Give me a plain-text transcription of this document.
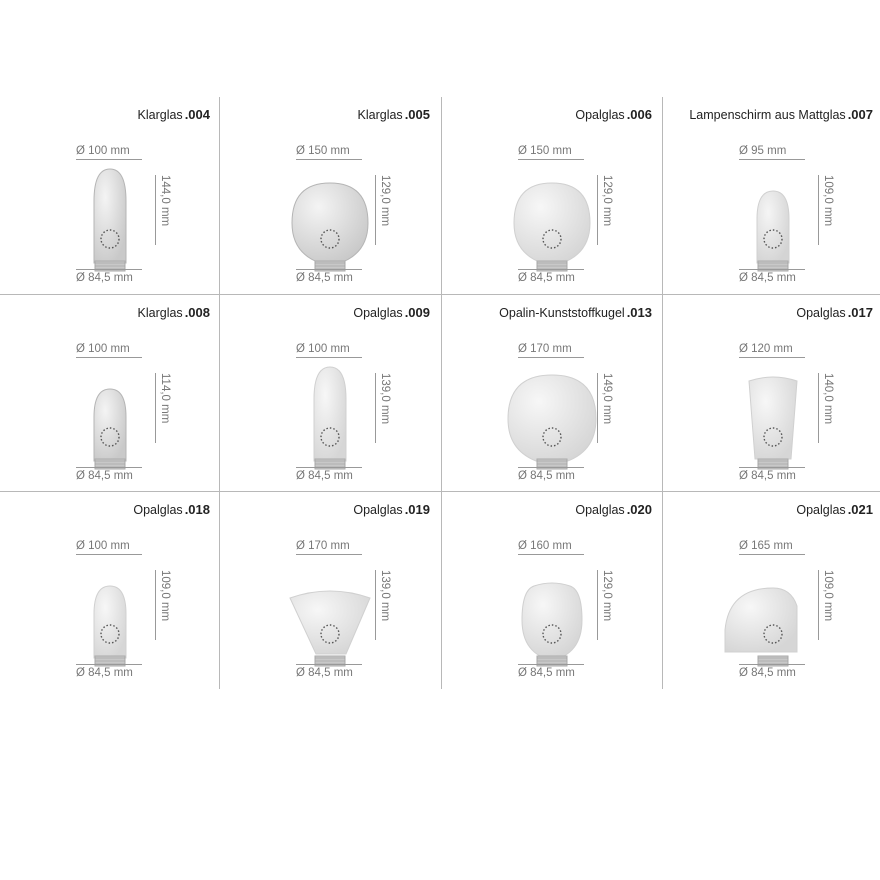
Klarglas .004
Ø 100 mm
144,0 mm
Ø 84,5 mm
Klarglas .005
Ø 150 mm
129,0 mm
Ø 84,5 mm
Opalglas .006
Ø 150 mm
129,0 mm
Ø 84,5 mm
Lampenschirm aus Mattglas .007
Ø 95 mm
109,0 mm
Ø 84,5 mm
Klarglas .008
Ø 100 mm
114,0 mm
Ø 84,5 mm
Opalglas .009
Ø 100 mm
139,0 mm
Ø 84,5 mm
Opalin-Kunststoffkugel .013
Ø 170 mm
149,0 mm
Ø 84,5 mm
Opalglas .017
Ø 120 mm
140,0 mm
Ø 84,5 mm
Opalglas .018
Ø 100 mm
109,0 mm
Ø 84,5 mm
Opalglas .019
Ø 170 mm
139,0 mm
Ø 84,5 mm
Opalglas .020
Ø 160 mm
129,0 mm
Ø 84,5 mm
Opalglas .021
Ø 165 mm
109,0 mm
Ø 84,5 mm
